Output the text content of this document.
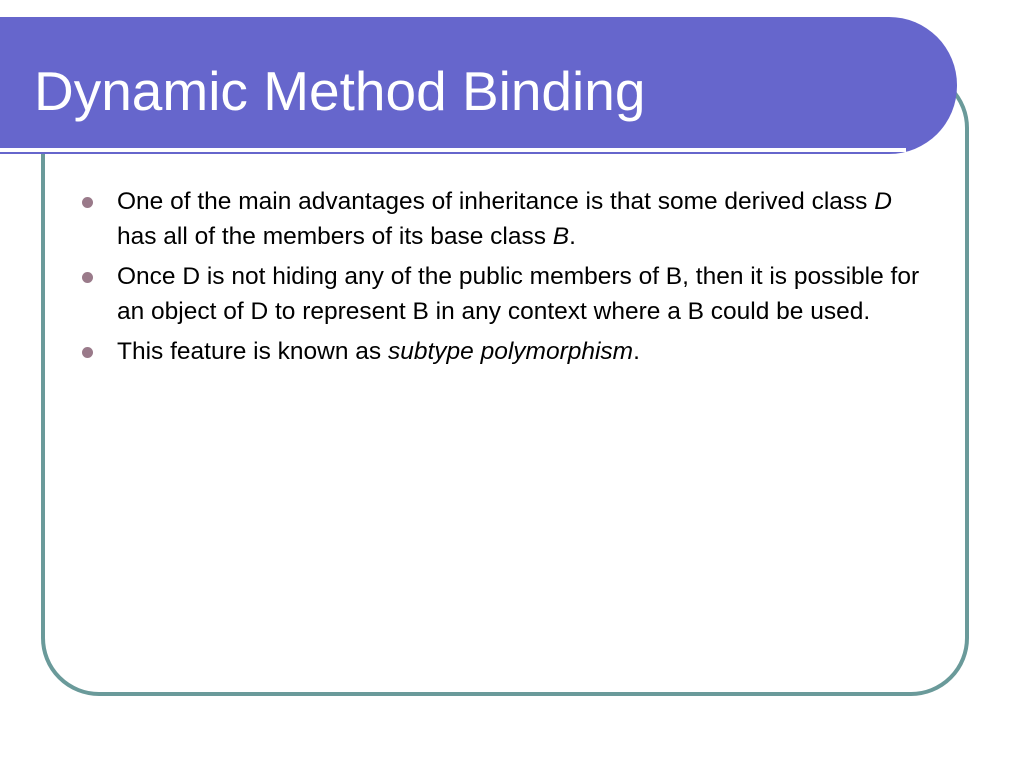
Dynamic Method Binding
One of the main advantages of inheritance is that some derived class D has all of the members of its base class B.
Once D is not hiding any of the public members of B, then it is possible for an object of D to represent B in any context where a B could be used.
This feature is known as subtype polymorphism.
